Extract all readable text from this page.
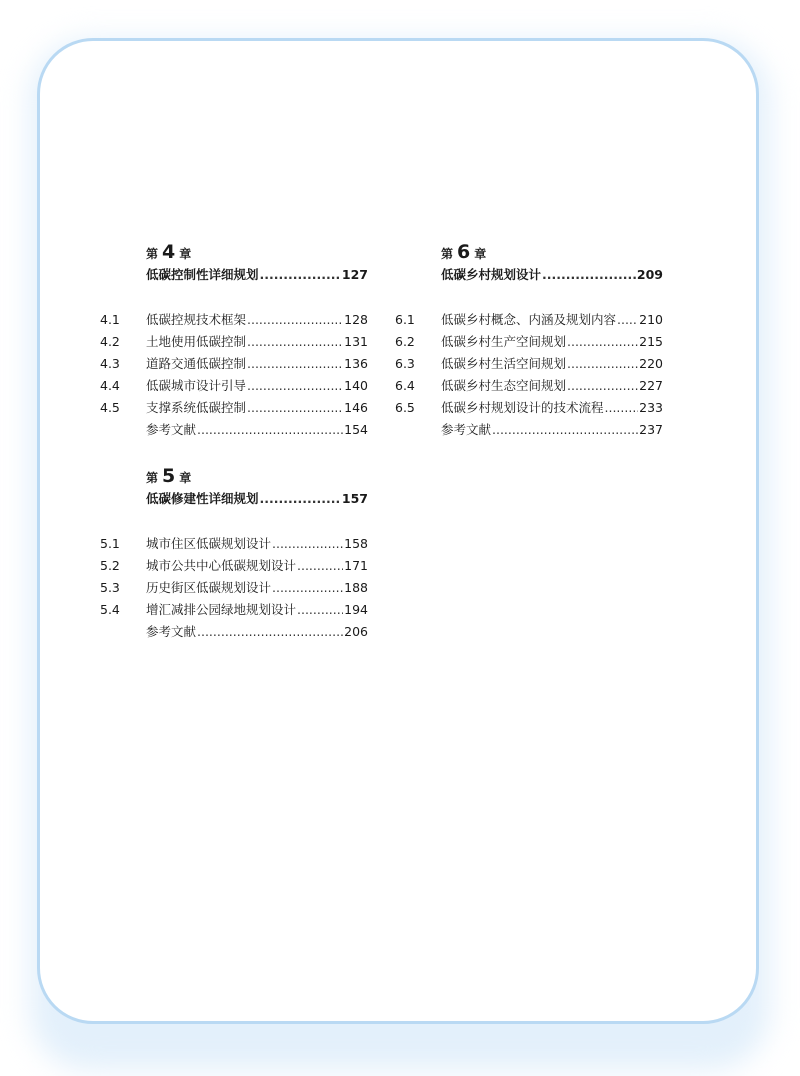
第 4 章
低碳控制性详细规划 .....	127
4.1	低碳控规技术框架 .....	128
4.2	土地使用低碳控制 .....	131
4.3	道路交通低碳控制 .....	136
4.4	低碳城市设计引导 .....	140
4.5	支撑系统低碳控制 .....	146
参考文献 .....	154
第 5 章
低碳修建性详细规划 .....	157
5.1	城市住区低碳规划设计 .....	158
5.2	城市公共中心低碳规划设计 .....	171
5.3	历史街区低碳规划设计 .....	188
5.4	增汇减排公园绿地规划设计 .....	194
参考文献 .....	206
第 6 章
低碳乡村规划设计 .....	209
6.1	低碳乡村概念、内涵及规划内容 ..... 210
6.2	低碳乡村生产空间规划 .....	215
6.3	低碳乡村生活空间规划 .....	220
6.4	低碳乡村生态空间规划 .....	227
6.5	低碳乡村规划设计的技术流程 .....	233
参考文献 .....	237
